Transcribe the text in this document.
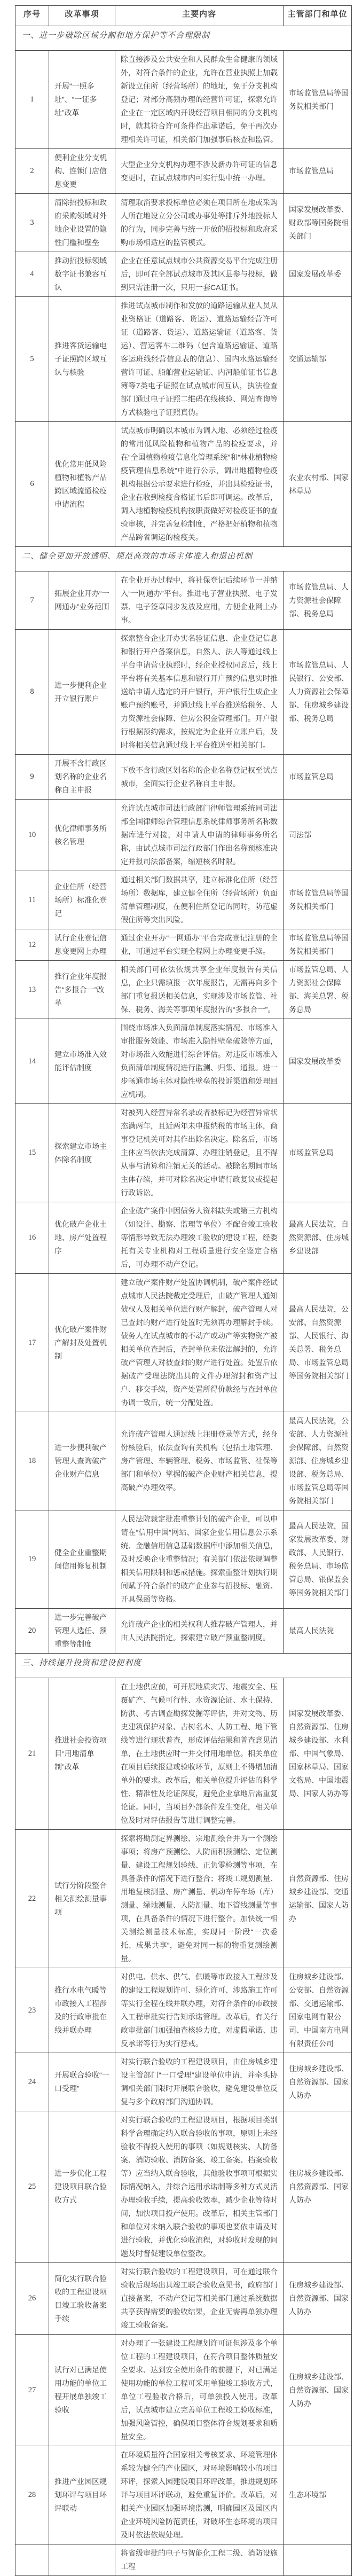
序号	改革事项	主要内容	主管部门和单位
一、进一步破除区域分割和地方保护等不合理限制			
1	开展“一照多址”、“一证多址”改革	除直接涉及公共安全和人民群众生命健康的领域外，对符合条件的企业，允许在营业执照上加载新设立住所（经营场所）的地址，免于分支机构登记；对部分高频办理的经营许可证，探索允许企业在一定区域内开设经营项目相同的分支机构时，就其符合许可条件作出承诺后，免于再次办理相关许可证，相关部门加强事后核查和监管。	市场监管总局等国务院相关部门
2	便利企业分支机构、连锁门店信息变更	大型企业分支机构办理不涉及新办许可证的信息变更时，在试点城市内可实行集中统一办理。	市场监管总局
3	清除招投标和政府采购领域对外地企业设置的隐性门槛和壁垒	清理取消要求投标单位必须在项目所在地或采购人所在地设立分公司或办事处等排斥外地投标人的行为，同步完善与统一开放的招投标和政府采购市场相适应的监管模式。	国家发展改革委、财政部等国务院相关部门
4	推动招投标领域数字证书兼容互认	企业在任意试点城市公共资源交易平台完成注册后，即可在全部试点城市及其区县参与投标，做到只需注册一次，只用一套CA证书。	国家发展改革委
5	推进客货运输电子证照跨区域互认与核验	推进试点城市制作和发放的道路运输从业人员从业资格证（道路客、货运）、道路运输经营许可证（道路客、货运）、道路运输证（道路客、货运）、营运客车二维码（包含道路运输证、道路客运班线经营信息表的信息）、国内水路运输经营许可证、船舶营业运输证、内河船舶证书信息簿等7类电子证照在试点城市间互认，执法检查部门通过电子证照二维码在线核验、网站查询等方式核验电子证照真伪。	交通运输部
6	优化常用低风险植物和植物产品跨区域流通检疫申请流程	试点城市明确以本城市为调入地、必须经过检疫的常用低风险植物和植物产品的检疫要求，并在“全国植物检疫信息化管理系统”和“林业植物检疫管理信息系统”中进行公示，调出地植物检疫机构根据公示要求进行检疫，并出具检疫证书，企业在收到检疫合格证书后即可调运。改革后，调入地植物检疫机构按职责做好对检疫证书的查验审核，并完善复检制度，严格把好植物和植物产品跨省调运的检疫关。	农业农村部、国家林草局
二、健全更加开放透明、规范高效的市场主体准入和退出机制			
7	拓展企业开办“一网通办”业务范围	在企业开办过程中，将社保登记后续环节一并纳入“一网通办”平台。推进电子营业执照、电子发票、电子签章同步发放及应用，方便企业网上办事。	市场监管总局、人力资源社会保障部、税务总局
8	进一步便利企业开立银行账户	探索整合企业开办实名验证信息、企业登记信息和银行开户备案信息，自然人、法人等通过线上平台申请营业执照时，经企业授权同意后，线上平台将有关基本信息和银行开户预约信息实时推送给申请人选定的开户银行，开户银行生成企业账户预约账号，并通过线上平台推送给税务、人力资源社会保障、住房公积金管理部门。开户银行根据预约需求，按规定为企业开立账户后，及时将相关信息通过线上平台推送至相关部门。	市场监管总局、人民银行、公安部、人力资源社会保障部、住房城乡建设部、税务总局
9	开展不含行政区划名称的企业名称自主申报	下放不含行政区划名称的企业名称登记权至试点城市，全面实行企业名称自主申报。	市场监管总局
10	优化律师事务所核名管理	允许试点城市司法行政部门律师管理系统同司法部全国律师综合管理信息系统律师事务所名称数据库进行对接，对申请人申请的律师事务所名称，由试点城市司法行政部门作出名称预核准决定并报司法部备案，缩短核名时限。	司法部
11	企业住所（经营场所）标准化登记	通过相关部门数据共享，建立标准化住所（经营场所）数据库，建立健全住所（经营场所）负面清单管理制度，在便利住所登记的同时，防范虚假住所等突出风险。	市场监管总局等国务院相关部门
12	试行企业登记信息变更网上办理	通过企业开办“一网通办”平台完成登记注册的企业，可通过平台实现全程网上办理变更手续。	市场监管总局等国务院相关部门
13	推行企业年度报告“多报合一”改革	相关部门可依法依规共享企业年度报告有关信息，企业只需填报一次年度报告，无需再向多个部门重复报送相关信息，实现涉及市场监管、社保、税务、海关等事项年度报告的“多报合一”。	市场监管总局、人力资源社会保障部、海关总署、税务总局
14	建立市场准入效能评估制度	围绕市场准入负面清单制度落实情况、市场准入审批服务效能、市场准入隐性壁垒破除等方面，对市场准入效能进行综合评估。对违反市场准入负面清单制度情况进行监测、归集、通报。进一步畅通市场主体对隐性壁垒的投诉渠道和处理回应机制。	国家发展改革委
15	探索建立市场主体除名制度	对被列入经营异常名录或者被标记为经营异常状态满两年，且近两年未申报纳税的市场主体，商事登记机关可对其作出除名决定。除名后，市场主体应当依法完成清算、办理注销登记，且不得从事与清算和注销无关的活动。被除名期间市场主体存续，并可对除名决定申请行政复议或提起行政诉讼。	市场监管总局
16	优化破产企业土地、房产处置程序	企业破产案件中因债务人资料缺失或第三方机构（如设计、勘察、监理等单位）不配合竣工验收等情形导致无法办理竣工验收的建设工程，经委托有关专业机构对工程质量进行安全鉴定合格后，可办理不动产登记。	最高人民法院，自然资源部、住房城乡建设部
17	优化破产案件财产解封及处置机制	建立破产案件财产处置协调机制，破产案件经试点城市人民法院裁定受理后，由破产管理人通知债权人及相关单位进行财产解封，破产管理人对已查封的财产进行处置时无须再办理解封手续。债务人在试点城市的不动产或动产等实物资产被相关单位查封后，查封单位未依法解封的，允许破产管理人对被查封的财产进行处置。处置后依据破产受理法院出具的文件办理解封和资产过户、移交手续，资产处置所得价款经与查封单位协调一致后，统一分配处置。	最高人民法院，公安部、自然资源部、人民银行、海关总署、税务总局、市场监管总局等国务院相关部门
18	进一步便利破产管理人查询破产企业财产信息	允许破产管理人通过线上注册登录等方式，经身份核验后，依法查询有关机构（包括土地管理、房产管理、车辆管理、税务、市场监管、社保等部门和单位）掌握的破产企业财产相关信息，提高破产办理效率。	最高人民法院，公安部、人力资源社会保障部、自然资源部、住房城乡建设部、税务总局、市场监管总局等国务院相关部门
19	健全企业重整期间信用修复机制	人民法院裁定批准重整计划的破产企业，可以申请在“信用中国”网站、国家企业信用信息公示系统、金融信用信息基础数据库中添加相关信息，及时反映企业重整情况；有关部门依法依规调整相关信用限制和惩戒措施。探索重整计划执行期间赋予符合条件的破产企业参与招投标、融资、开具保函等资格。	最高人民法院，国家发展改革委、财政部、人民银行、税务总局、市场监管总局、银保监会等国务院相关部门
20	进一步完善破产管理人选任、预重整等制度	允许破产企业的相关权利人推荐破产管理人，并由人民法院指定。探索建立破产预重整制度。	最高人民法院
三、持续提升投资和建设便利度			
21	推进社会投资项目“用地清单制”改革	在土地供应前，可开展地质灾害、地震安全、压覆矿产、气候可行性、水资源论证、水土保持、防洪、考古调查勘探发掘等评估，并对文物、历史建筑保护对象、古树名木、人防工程、地下管线等进行现状普查，形成评估结果和普查意见清单，在土地供应时一并交付用地单位。相关单位在项目后续报建或验收环节，原则上不得增加清单外的要求。改革后，相关单位提升评估的科学性、精准性及论证深度，避免企业拿地后需重复论证。同时，当项目外部条件发生变化，相关单位及时对评估报告等进行调整完善。	国家发展改革委、自然资源部、住房城乡建设部、水利部、中国气象局、国家林草局、国家文物局、中国地震局、国家人防办等
22	试行分阶段整合相关测绘测量事项	探索将勘测定界测绘、宗地测绘合并为一个测绘事项；将房产预测绘、人防面积预测绘、定位测量、建设工程规划验线、正负零检测等事项，在具备条件的情况下进行整合；将竣工规划测量、用地复核测量、房产测量、机动车停车场（库）测量、绿地测量、人防测量、地下管线测量等事项，在具备条件的情况下进行整合。加快统一相关测绘测量技术标准，实现同一阶段“一次委托、成果共享”，避免对同一标的物重复测绘测量。	自然资源部、住房城乡建设部、交通运输部、国家人防办
23	推行水电气暖等市政接入工程涉及的行政审批在线并联办理	对供电、供水、供气、供暖等市政接入工程涉及的建设工程规划许可、绿化许可、涉路施工许可等实行全程在线并联办理，对符合条件的市政接入工程审批实行告知承诺管理。改革后，有关行政审批部门加强抽查核验力度，对虚假承诺、违反承诺等行为实行惩戒。	住房城乡建设部、公安部、自然资源部、交通运输部、国家电网有限公司、中国南方电网有限责任公司
24	开展联合验收“一口受理”	对实行联合验收的工程建设项目，由住房城乡建设主管部门“一口受理”建设单位申请，并牵头协调相关部门限时开展联合验收，避免建设单位反复与多个政府部门沟通协调。	住房城乡建设部、自然资源部、国家人防办
25	进一步优化工程建设项目联合验收方式	对实行联合验收的工程建设项目，根据项目类别科学合理确定纳入联合验收的事项，原则上未经验收不得投入使用的事项（如规划核实、人防备案、消防验收、消防备案、竣工备案、档案验收等）应当纳入联合验收，其他验收事项可根据实际情况纳入，并综合运用承诺制等多种方式灵活办理验收手续，提高验收效率，减少企业等待时间，加快项目投产使用。改革后，相关主管部门和单位对未纳入联合验收的事项也要依申请及时进行验收，并优化验收流程，对验收时发现的问题及时督促建设单位整改。	住房城乡建设部、自然资源部、国家人防办
26	简化实行联合验收的工程建设项目竣工验收备案手续	对实行联合验收的工程建设项目，可在通过联合验收后现场出具竣工联合验收意见书，政府部门直接备案，不动产登记等相关部门通过系统数据共享获得需要的验收结果，企业无需再单独办理竣工验收备案。	住房城乡建设部、自然资源部、国家人防办
27	试行对已满足使用功能的单位工程开展单独竣工验收	对办理了一张建设工程规划许可证但涉及多个单位工程的工程建设项目，在符合项目整体质量安全要求、达到安全使用条件的前提下，对已满足使用功能的单位工程可采用单独竣工验收方式，单位工程验收合格后，可单独投入使用。改革后，试点城市建立完善单位工程竣工验收标准，加强风险管控，确保项目整体符合规划要求和质量安全。	住房城乡建设部、自然资源部、国家人防办
28	推进产业园区规划环评与项目环评联动	在环境质量符合国家相关考核要求、环境管理体系较为健全的产业园区，对环境影响较小的项目环评，探索入园建设项目环评改革，推进规划环评与项目环评联动，避免重复评价。改革后，对相关产业园区加强环境监测，明确园区及园区内企业环境风险防范责任，对破坏生态环境的项目及时依法依规处理。	生态环境部
		将省级审批的电子与智能化工程二级、消防设施工程	
